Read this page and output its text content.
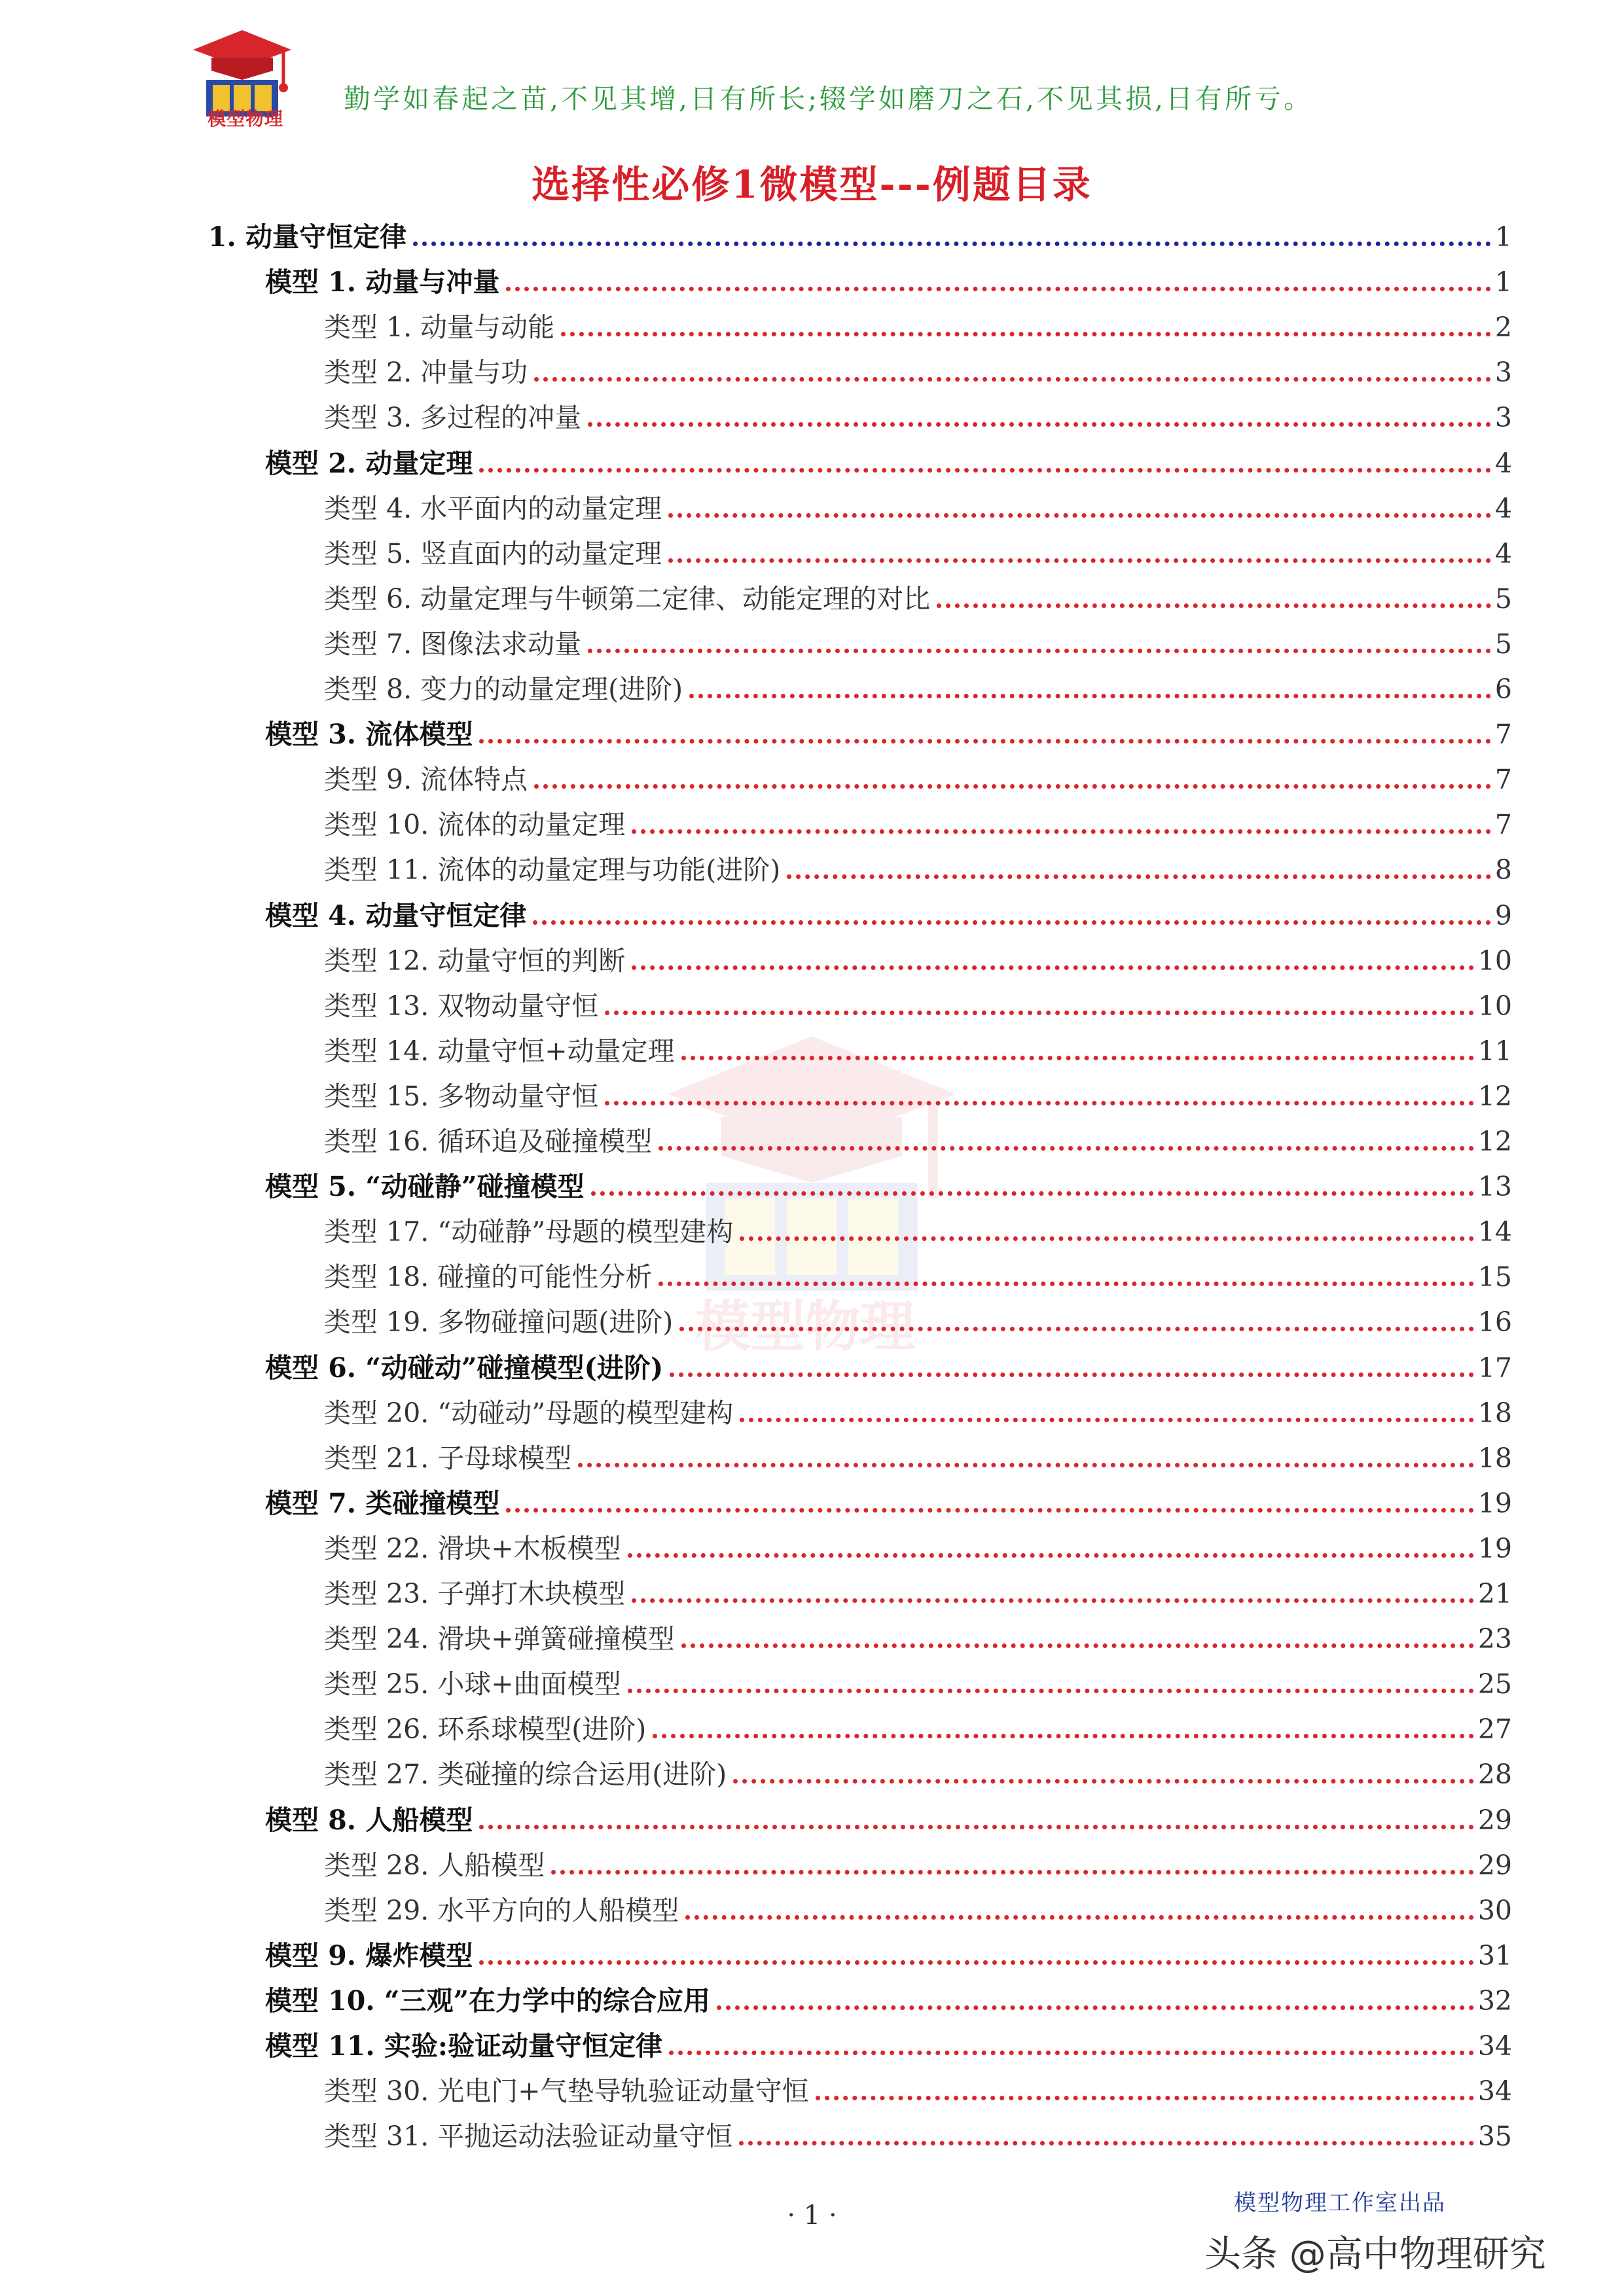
模型物理
勤学如春起之苗,不见其增,日有所长;辍学如磨刀之石,不见其损,日有所亏。
选择性必修1微模型---例题目录
模型物理
1. 动量守恒定律	1
模型 1. 动量与冲量	1
类型 1. 动量与动能	2
类型 2. 冲量与功	3
类型 3. 多过程的冲量	3
模型 2. 动量定理	4
类型 4. 水平面内的动量定理	4
类型 5. 竖直面内的动量定理	4
类型 6. 动量定理与牛顿第二定律、动能定理的对比	5
类型 7. 图像法求动量	5
类型 8. 变力的动量定理(进阶)	6
模型 3. 流体模型	7
类型 9. 流体特点	7
类型 10. 流体的动量定理	7
类型 11. 流体的动量定理与功能(进阶)	8
模型 4. 动量守恒定律	9
类型 12. 动量守恒的判断	10
类型 13. 双物动量守恒	10
类型 14. 动量守恒+动量定理	11
类型 15. 多物动量守恒	12
类型 16. 循环追及碰撞模型	12
模型 5. “动碰静”碰撞模型	13
类型 17. “动碰静”母题的模型建构	14
类型 18. 碰撞的可能性分析	15
类型 19. 多物碰撞问题(进阶)	16
模型 6. “动碰动”碰撞模型(进阶)	17
类型 20. “动碰动”母题的模型建构	18
类型 21. 子母球模型	18
模型 7. 类碰撞模型	19
类型 22. 滑块+木板模型	19
类型 23. 子弹打木块模型	21
类型 24. 滑块+弹簧碰撞模型	23
类型 25. 小球+曲面模型	25
类型 26. 环系球模型(进阶)	27
类型 27. 类碰撞的综合运用(进阶)	28
模型 8. 人船模型	29
类型 28. 人船模型	29
类型 29. 水平方向的人船模型	30
模型 9. 爆炸模型	31
模型 10. “三观”在力学中的综合应用	32
模型 11. 实验:验证动量守恒定律	34
类型 30. 光电门+气垫导轨验证动量守恒	34
类型 31. 平抛运动法验证动量守恒	35
· 1 ·	模型物理工作室出品
头条 @高中物理研究
